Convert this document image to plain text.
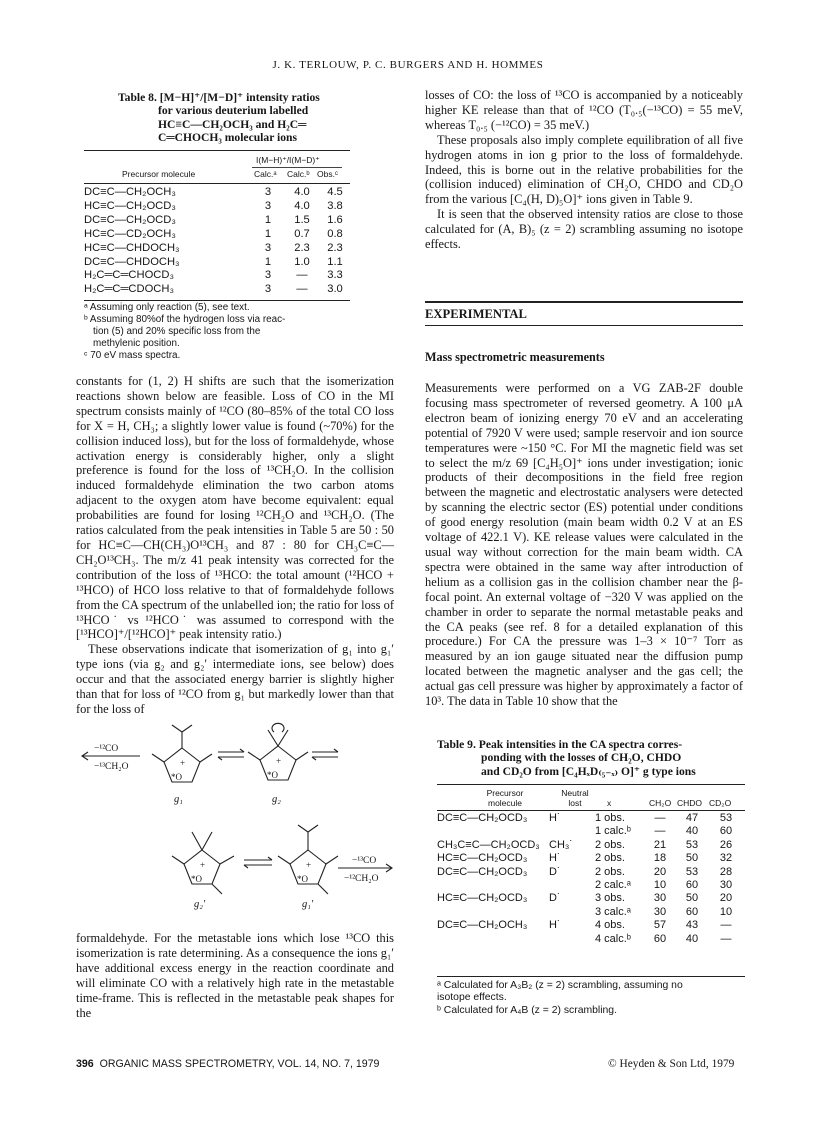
J. K. TERLOUW, P. C. BURGERS AND H. HOMMES
Table 8. [M−H]⁺/[M−D]⁺ intensity ratios
for various deuterium labelled
HC≡C—CH₂OCH₃ and H₂C═
C═CHOCH₃ molecular ions
I(M−H)⁺/I(M−D)⁺
Precursor molecule	Calc.ᵃ Calc.ᵇ Obs.ᶜ
DC≡C—CH₂OCH₃	3	4.0	4.5
HC≡C—CH₂OCD₃	3	4.0	3.8
DC≡C—CH₂OCD₃	1	1.5	1.6
HC≡C—CD₂OCH₃	1	0.7	0.8
HC≡C—CHDOCH₃	3	2.3	2.3
DC≡C—CHDOCH₃	1	1.0	1.1
H₂C═C═CHOCD₃	3	—	3.3
H₂C═C═CDOCH₃	3	—	3.0
ᵃ Assuming only reaction (5), see text.
ᵇ Assuming 80%of the hydrogen loss via reac-
tion (5) and 20% specific loss from the
methylenic position.
ᶜ 70 eV mass spectra.

constants for (1, 2) H shifts are such that the isomerization reactions shown below are feasible. Loss of CO in the MI spectrum consists mainly of ¹²CO (80–85% of the total CO loss for X = H, CH₃; a slightly lower value is found (~70%) for the collision induced loss), but for the loss of formaldehyde, whose activation energy is considerably higher, only a slight preference is found for the loss of ¹³CH₂O. In the collision induced formaldehyde elimination the two carbon atoms adjacent to the oxygen atom have become equivalent: equal probabilities are found for losing ¹²CH₂O and ¹³CH₂O. (The ratios calculated from the peak intensities in Table 5 are 50 : 50 for HC≡C—CH(CH₃)O¹³CH₃ and 87 : 80 for CH₃C≡C—CH₂O¹³CH₃. The m/z 41 peak intensity was corrected for the contribution of the loss of ¹³HCO: the total amount (¹²HCO + ¹³HCO) of HCO loss relative to that of formaldehyde follows from the CA spectrum of the unlabelled ion; the ratio for loss of ¹³HCO˙ vs ¹²HCO˙ was assumed to correspond with the [¹³HCO]⁺/[¹²HCO]⁺ peak intensity ratio.)

These observations indicate that isomerization of g₁ into g₁′ type ions (via g₂ and g₂′ intermediate ions, see below) does occur and that the associated energy barrier is slightly higher than that for loss of ¹²CO from g₁ but markedly lower than that for the loss of

−¹²CO
−¹³CH₂O
−¹³CO
−¹²CH₂O
*O
+
*O
+
*O
+
*O
+
g₁	g₂
g₂′	g₁′

formaldehyde. For the metastable ions which lose ¹³CO this isomerization is rate determining. As a consequence the ions g₁′ have additional excess energy in the reaction coordinate and will eliminate CO with a relatively high rate in the metastable time-frame. This is reflected in the metastable peak shapes for the

losses of CO: the loss of ¹³CO is accompanied by a noticeably higher KE release than that of ¹²CO (T₀.₅(−¹³CO) = 55 meV, whereas T₀.₅ (−¹²CO) = 35 meV.)

These proposals also imply complete equilibration of all five hydrogen atoms in ion g prior to the loss of formaldehyde. Indeed, this is borne out in the relative probabilities for the (collision induced) elimination of CH₂O, CHDO and CD₂O from the various [C₄(H, D)₅O]⁺ ions given in Table 9.

It is seen that the observed intensity ratios are close to those calculated for (A, B)₅ (z = 2) scrambling assuming no isotope effects.

EXPERIMENTAL
Mass spectrometric measurements

Measurements were performed on a VG ZAB-2F double focusing mass spectrometer of reversed geometry. A 100 μA electron beam of ionizing energy 70 eV and an accelerating potential of 7920 V were used; sample reservoir and ion source temperatures were ~150 °C. For MI the magnetic field was set to select the m/z 69 [C₄H₅O]⁺ ions under investigation; ionic products of their decompositions in the field free region between the magnetic and electrostatic analysers were detected by scanning the electric sector (ES) potential under conditions of good energy resolution (main beam width 0.2 V at an ES voltage of 422.1 V). KE release values were calculated in the usual way without correction for the main beam width. CA spectra were obtained in the same way after introduction of helium as a collision gas in the collision chamber near the β-focal point. An external voltage of −320 V was applied on the chamber in order to separate the normal metastable peaks and the CA peaks (see ref. 8 for a detailed explanation of this procedure.) For CA the pressure was 1–3 × 10⁻⁷ Torr as measured by an ion gauge situated near the diffusion pump located between the magnetic analyser and the gas cell; the actual gas cell pressure was higher by approximately a factor of 10³. The data in Table 10 show that the

Table 9. Peak intensities in the CA spectra corres-
ponding with the losses of CH₂O, CHDO
and CD₂O from [C₄HₓD₍₅₋ₓ₎ O]⁺ g type ions
Precursor
molecule
Neutral
lost	x	CH₂O CHDO CD₂O
DC≡C—CH₂OCD₃	H˙	1 obs.	—	47	53
		1 calc.ᵇ	—	40	60
CH₃C≡C—CH₂OCD₃	CH₃˙	2 obs.	21	53	26
HC≡C—CH₂OCD₃	H˙	2 obs.	18	50	32
DC≡C—CH₂OCD₃	D˙	2 obs.	20	53	28
		2 calc.ᵃ	10	60	30
HC≡C—CH₂OCD₃	D˙	3 obs.	30	50	20
		3 calc.ᵃ	30	60	10
DC≡C—CH₂OCH₃	H˙	4 obs.	57	43	—
		4 calc.ᵇ	60	40	—
ᵃ Calculated for A₃B₂ (z = 2) scrambling, assuming no
isotope effects.
ᵇ Calculated for A₄B (z = 2) scrambling.
396 ORGANIC MASS SPECTROMETRY, VOL. 14, NO. 7, 1979	© Heyden & Son Ltd, 1979
